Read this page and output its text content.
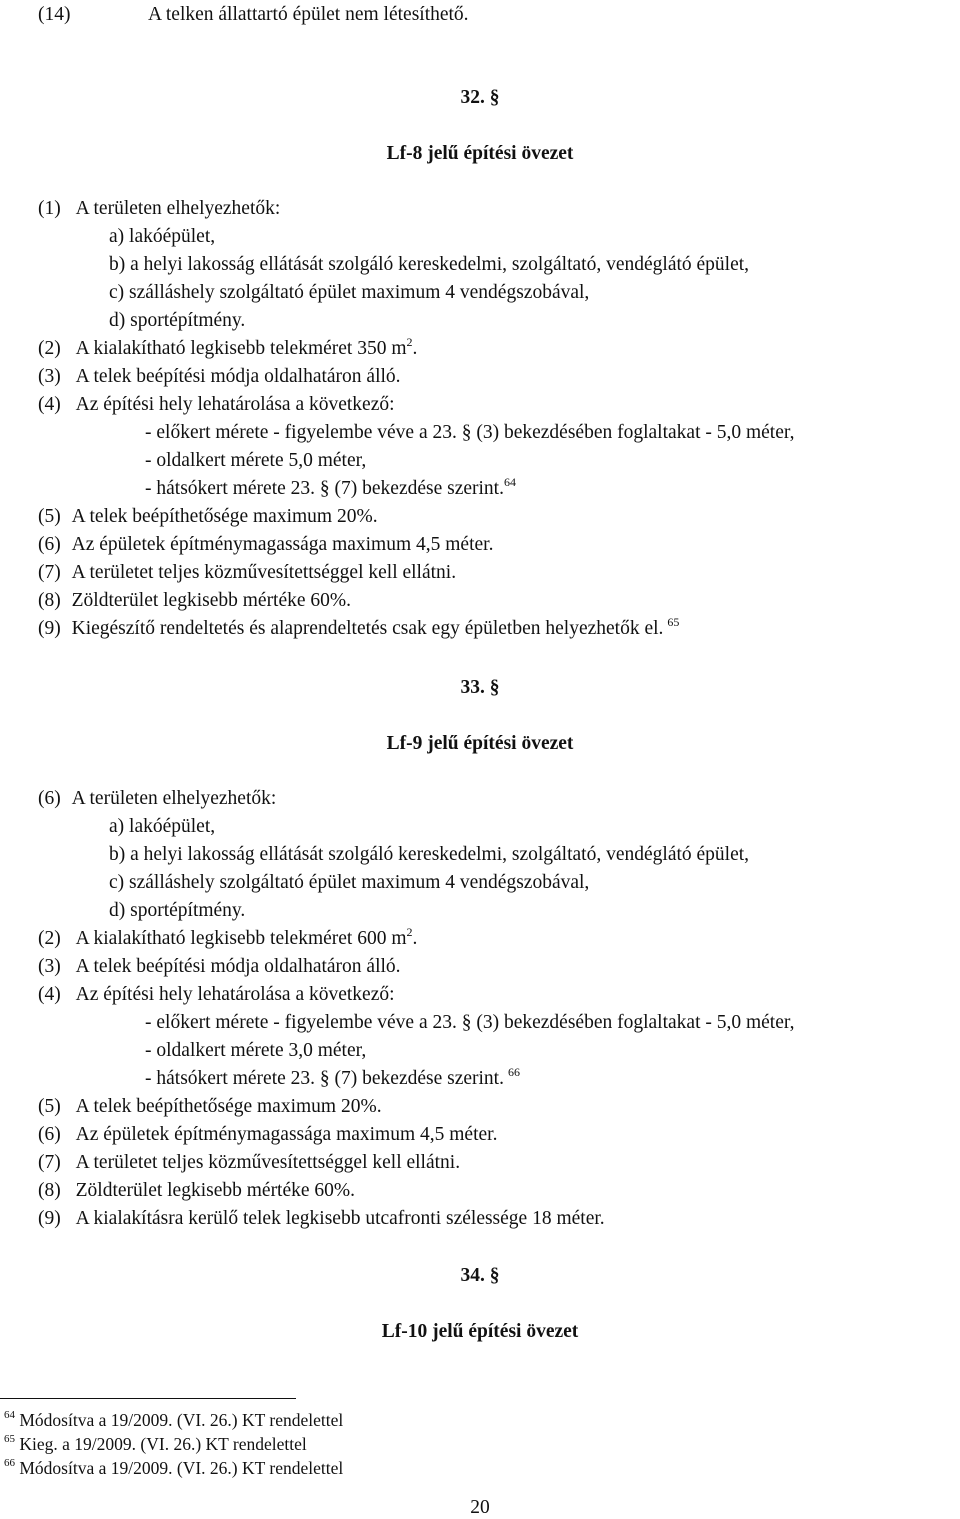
(14)	A telken állattartó épület nem létesíthető.
32. §
Lf-8 jelű építési övezet
(1) A területen elhelyezhetők:
a) lakóépület,
b) a helyi lakosság ellátását szolgáló kereskedelmi, szolgáltató, vendéglátó épület,
c) szálláshely szolgáltató épület maximum 4 vendégszobával,
d) sportépítmény.
(2) A kialakítható legkisebb telekméret 350 $m^2$.
(3) A telek beépítési módja oldalhatáron álló.
(4) Az építési hely lehatárolása a következő:
- előkert mérete - figyelembe véve a 23. § (3) bekezdésében foglaltakat - 5,0 méter,
- oldalkert mérete 5,0 méter,
- hátsókert mérete 23. § (7) bekezdése szerint.$^{64}$
(5) A telek beépíthetősége maximum 20%.
(6) Az épületek építménymagassága maximum 4,5 méter.
(7) A területet teljes közművesítettséggel kell ellátni.
(8) Zöldterület legkisebb mértéke 60%.
(9) Kiegészítő rendeltetés és alaprendeltetés csak egy épületben helyezhetők el. $^{65}$
33. §
Lf-9 jelű építési övezet
(6) A területen elhelyezhetők:
a) lakóépület,
b) a helyi lakosság ellátását szolgáló kereskedelmi, szolgáltató, vendéglátó épület,
c) szálláshely szolgáltató épület maximum 4 vendégszobával,
d) sportépítmény.
(2) A kialakítható legkisebb telekméret 600 $m^2$.
(3) A telek beépítési módja oldalhatáron álló.
(4) Az építési hely lehatárolása a következő:
- előkert mérete - figyelembe véve a 23. § (3) bekezdésében foglaltakat - 5,0 méter,
- oldalkert mérete 3,0 méter,
- hátsókert mérete 23. § (7) bekezdése szerint. $^{66}$
(5) A telek beépíthetősége maximum 20%.
(6) Az épületek építménymagassága maximum 4,5 méter.
(7) A területet teljes közművesítettséggel kell ellátni.
(8) Zöldterület legkisebb mértéke 60%.
(9) A kialakításra kerülő telek legkisebb utcafronti szélessége 18 méter.
34. §
Lf-10 jelű építési övezet
$^{64}$ Módosítva a 19/2009. (VI. 26.) KT rendelettel
$^{65}$ Kieg. a 19/2009. (VI. 26.) KT rendelettel
$^{66}$ Módosítva a 19/2009. (VI. 26.) KT rendelettel
20
